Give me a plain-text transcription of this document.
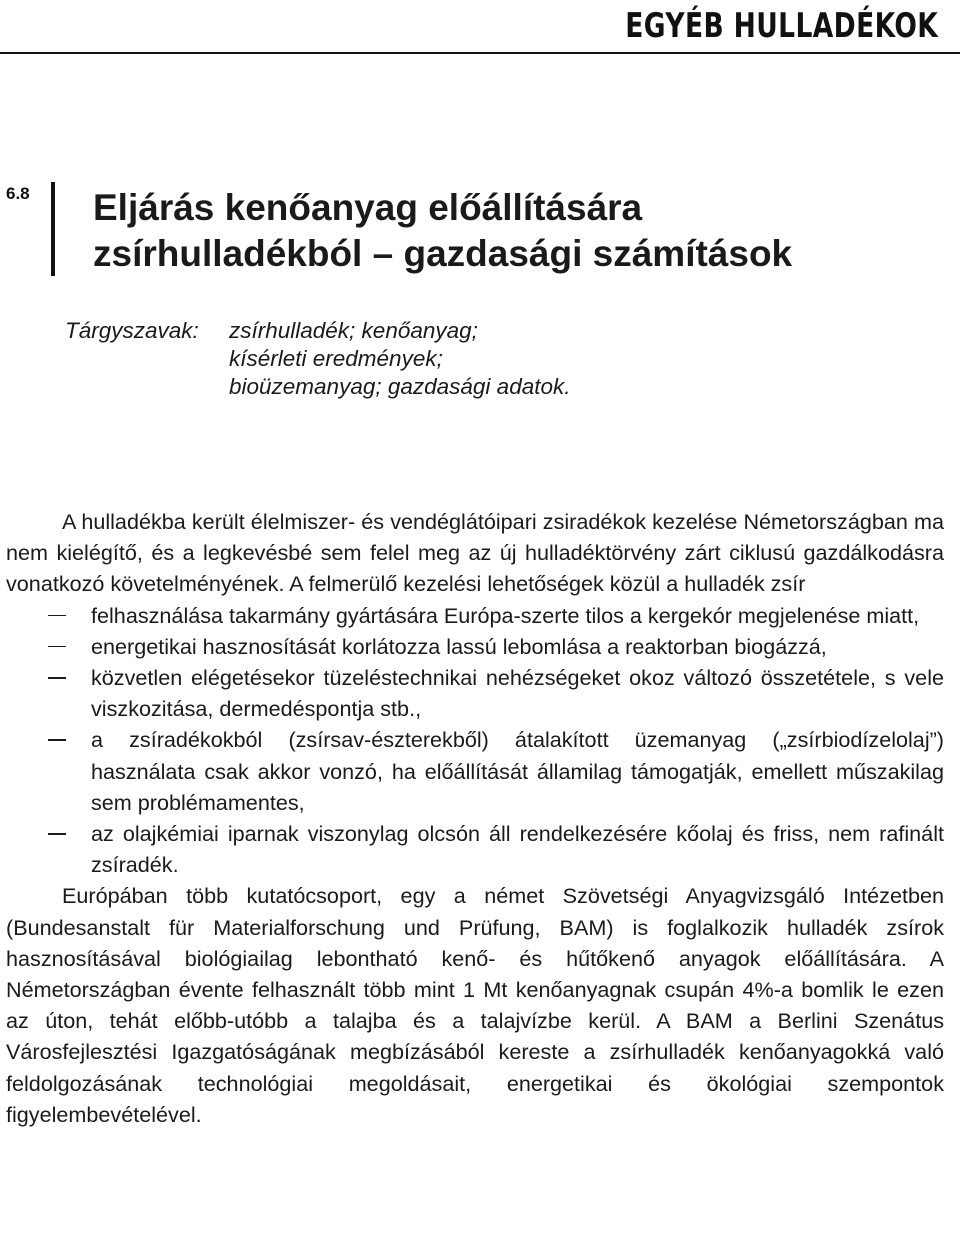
EGYÉB HULLADÉKOK
6.8 Eljárás kenőanyag előállítására
zsírhulladékból – gazdasági számítások
Tárgyszavak: zsírhulladék; kenőanyag;
kísérleti eredmények;
bioüzemanyag; gazdasági adatok.

A hulladékba került élelmiszer- és vendéglátóipari zsiradékok kezelése Németországban ma nem kielégítő, és a legkevésbé sem felel meg az új hulladéktörvény zárt ciklusú gazdálkodásra vonatkozó követelményének. A felmerülő kezelési lehetőségek közül a hulladék zsír

felhasználása takarmány gyártására Európa-szerte tilos a kergekór megjelenése miatt,
energetikai hasznosítását korlátozza lassú lebomlása a reaktorban biogázzá,
közvetlen elégetésekor tüzeléstechnikai nehézségeket okoz változó összetétele, s vele viszkozitása, dermedéspontja stb.,
a zsíradékokból (zsírsav-észterekből) átalakított üzemanyag („zsírbiodízelolaj”) használata csak akkor vonzó, ha előállítását államilag támogatják, emellett műszakilag sem problémamentes,
az olajkémiai iparnak viszonylag olcsón áll rendelkezésére kőolaj és friss, nem rafinált zsíradék.

Európában több kutatócsoport, egy a német Szövetségi Anyagvizsgáló Intézetben (Bundesanstalt für Materialforschung und Prüfung, BAM) is foglalkozik hulladék zsírok hasznosításával biológiailag lebontható kenő- és hűtőkenő anyagok előállítására. A Németországban évente felhasznált több mint 1 Mt kenőanyagnak csupán 4%-a bomlik le ezen az úton, tehát előbb-utóbb a talajba és a talajvízbe kerül. A BAM a Berlini Szenátus Városfejlesztési Igazgatóságának megbízásából kereste a zsírhulladék kenőanyagokká való feldolgozásának technológiai megoldásait, energetikai és ökológiai szempontok figyelembevételével.
